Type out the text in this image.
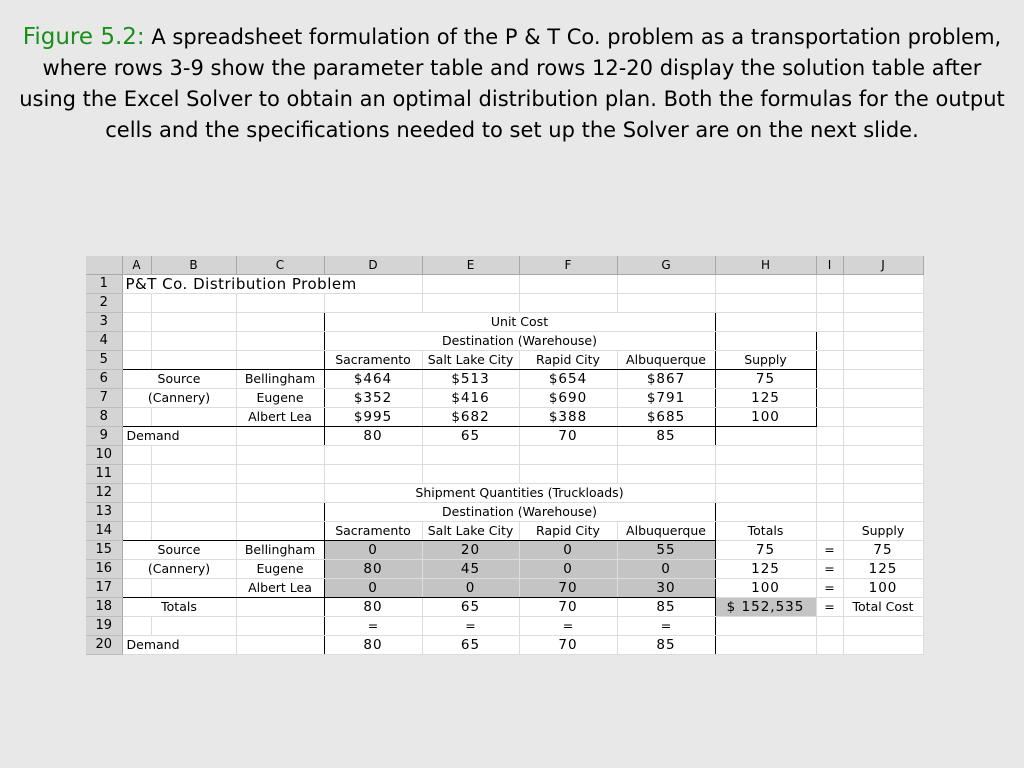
Figure 5.2: A spreadsheet formulation of the P & T Co. problem as a transportation problem, where rows 3-9 show the parameter table and rows 12-20 display the solution table after using the Excel Solver to obtain an optimal distribution plan. Both the formulas for the output cells and the specifications needed to set up the Solver are on the next slide.
	A	B	C	D	E	F	G	H	I	J
1	P&T Co. Distribution Problem									
2										
3				Unit Cost						
4				Destination (Warehouse)						
5				Sacramento	Salt Lake City	Rapid City	Albuquerque	Supply		
6	Source		Bellingham	$464	$513	$654	$867	75		
7	(Cannery)		Eugene	$352	$416	$690	$791	125		
8			Albert Lea	$995	$682	$388	$685	100		
9	Demand			80	65	70	85			
10										
11										
12				Shipment Quantities (Truckloads)						
13				Destination (Warehouse)						
14				Sacramento	Salt Lake City	Rapid City	Albuquerque	Totals		Supply
15	Source		Bellingham	0	20	0	55	75	=	75
16	(Cannery)		Eugene	80	45	0	0	125	=	125
17			Albert Lea	0	0	70	30	100	=	100
18	Totals			80	65	70	85	$ 152,535	=	Total Cost
19				=	=	=	=			
20	Demand			80	65	70	85			
